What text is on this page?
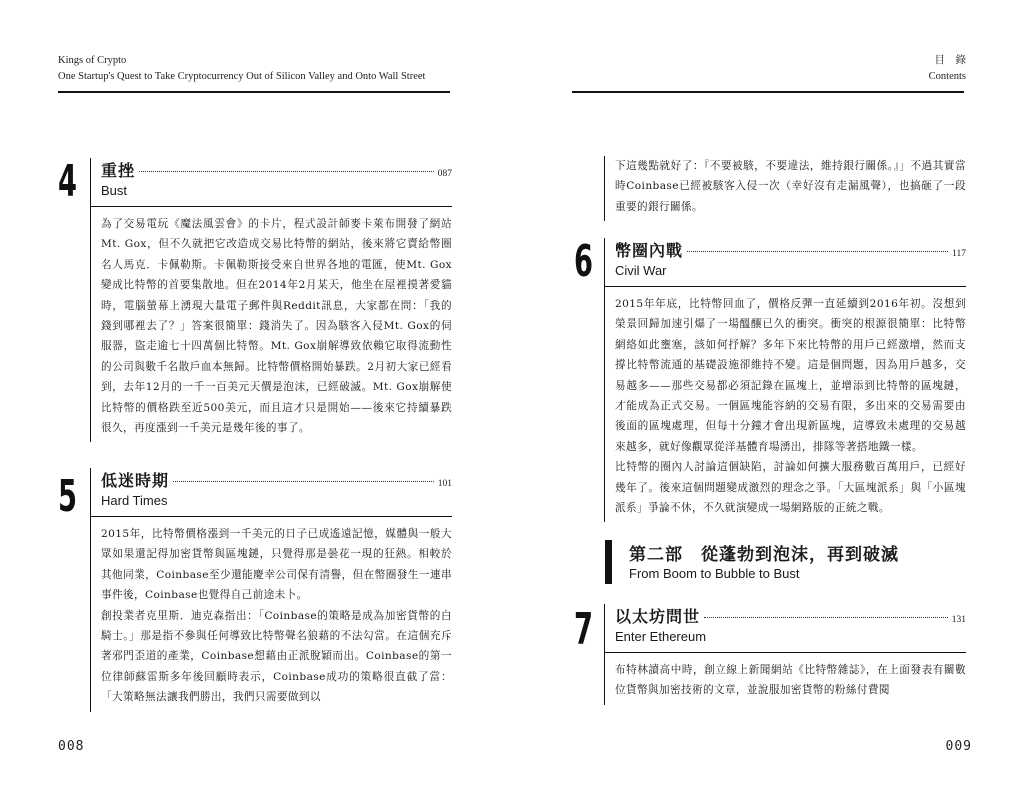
Kings of Crypto
One Startup's Quest to Take Cryptocurrency Out of Silicon Valley and Onto Wall Street
008
4 重挫	087
Bust

為了交易電玩《魔法風雲會》的卡片，程式設計師麥卡萊布開發了網站Mt. Gox，但不久就把它改造成交易比特幣的網站，後來將它賣給幣圈名人馬克．卡佩勒斯。卡佩勒斯接受來自世界各地的電匯，使Mt. Gox變成比特幣的首要集散地。但在2014年2月某天，他坐在屋裡摸著愛貓時，電腦螢幕上湧現大量電子郵件與Reddit訊息，大家都在問：「我的錢到哪裡去了？」答案很簡單：錢消失了。因為駭客入侵Mt. Gox的伺服器，盜走逾七十四萬個比特幣。Mt. Gox崩解導致依賴它取得流動性的公司與數千名散戶血本無歸。比特幣價格開始暴跌。2月初大家已經看到，去年12月的一千一百美元天價是泡沫，已經破滅。Mt. Gox崩解使比特幣的價格跌至近500美元，而且這才只是開始——後來它持續暴跌很久，再度漲到一千美元是幾年後的事了。

5 低迷時期	101
Hard Times

2015年，比特幣價格漲到一千美元的日子已成遙遠記憶，媒體與一般大眾如果還記得加密貨幣與區塊鏈，只覺得那是曇花一現的狂熱。相較於其他同業，Coinbase至少還能慶幸公司保有清譽，但在幣圈發生一連串事件後，Coinbase也覺得自己前途未卜。

創投業者克里斯．迪克森指出：「Coinbase的策略是成為加密貨幣的白騎士。」那是指不參與任何導致比特幣聲名狼藉的不法勾當。在這個充斥著邪門歪道的產業，Coinbase想藉由正派脫穎而出。Coinbase的第一位律師蘇雷斯多年後回顧時表示，Coinbase成功的策略很直截了當：「大策略無法讓我們勝出，我們只需要做到以

目　錄
Contents
009

下這幾點就好了：『不要被駭，不要違法，維持銀行關係。』」不過其實當時Coinbase已經被駭客入侵一次（幸好沒有走漏風聲），也搞砸了一段重要的銀行關係。

6 幣圈內戰	117
Civil War

2015年年底，比特幣回血了，價格反彈一直延續到2016年初。沒想到榮景回歸加速引爆了一場醞釀已久的衝突。衝突的根源很簡單：比特幣網絡如此壅塞，該如何抒解？多年下來比特幣的用戶已經激增，然而支撐比特幣流通的基礎設施卻維持不變。這是個問題，因為用戶越多，交易越多——那些交易都必須記錄在區塊上，並增添到比特幣的區塊鏈，才能成為正式交易。一個區塊能容納的交易有限，多出來的交易需要由後面的區塊處理，但每十分鐘才會出現新區塊，這導致未處理的交易越來越多，就好像觀眾從洋基體育場湧出，排隊等著搭地鐵一樣。

比特幣的圈內人討論這個缺陷，討論如何擴大服務數百萬用戶，已經好幾年了。後來這個問題變成激烈的理念之爭。「大區塊派系」與「小區塊派系」爭論不休，不久就演變成一場網路版的正統之戰。

第二部　從蓬勃到泡沫，再到破滅
From Boom to Bubble to Bust
7 以太坊問世	131
Enter Ethereum

布特林讀高中時，創立線上新聞網站《比特幣雜誌》，在上面發表有關數位貨幣與加密技術的文章，並說服加密貨幣的粉絲付費閱
